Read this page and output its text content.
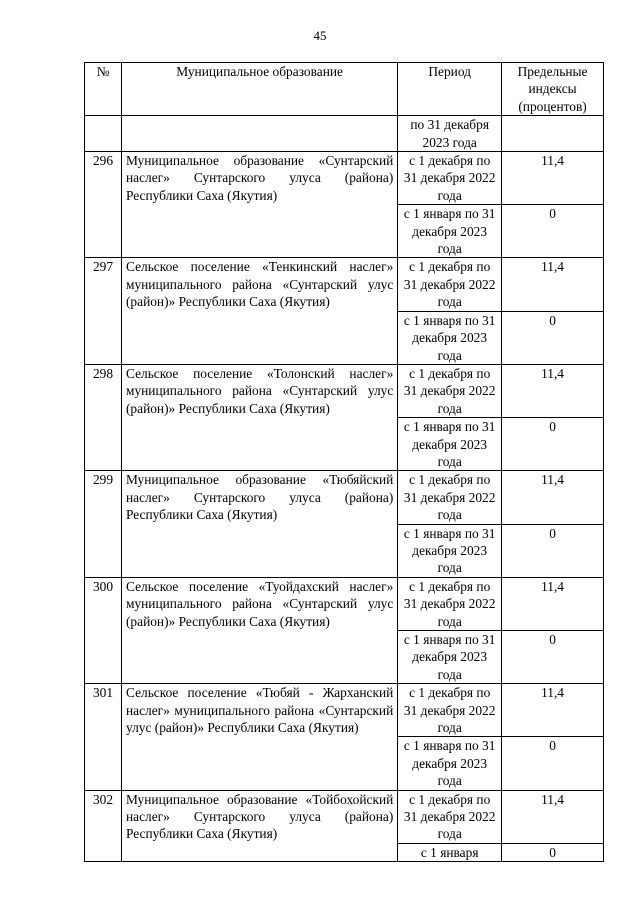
45
№	Муниципальное образование	Период	Предельные индексы (процентов)
		по 31 декабря 2023 года	
296	Муниципальное образование «Сунтарский наслег» Сунтарского улуса (района) Республики Саха (Якутия)	с 1 декабря по 31 декабря 2022 года	11,4
		с 1 января по 31 декабря 2023 года	0
297	Сельское поселение «Тенкинский наслег» муниципального района «Сунтарский улус (район)» Республики Саха (Якутия)	с 1 декабря по 31 декабря 2022 года	11,4
		с 1 января по 31 декабря 2023 года	0
298	Сельское поселение «Толонский наслег» муниципального района «Сунтарский улус (район)» Республики Саха (Якутия)	с 1 декабря по 31 декабря 2022 года	11,4
		с 1 января по 31 декабря 2023 года	0
299	Муниципальное образование «Тюбяйский наслег» Сунтарского улуса (района) Республики Саха (Якутия)	с 1 декабря по 31 декабря 2022 года	11,4
		с 1 января по 31 декабря 2023 года	0
300	Сельское поселение «Туойдахский наслег» муниципального района «Сунтарский улус (район)» Республики Саха (Якутия)	с 1 декабря по 31 декабря 2022 года	11,4
		с 1 января по 31 декабря 2023 года	0
301	Сельское поселение «Тюбяй - Жарханский наслег» муниципального района «Сунтарский улус (район)» Республики Саха (Якутия)	с 1 декабря по 31 декабря 2022 года	11,4
		с 1 января по 31 декабря 2023 года	0
302	Муниципальное образование «Тойбохойский наслег» Сунтарского улуса (района) Республики Саха (Якутия)	с 1 декабря по 31 декабря 2022 года	11,4
		с 1 января	0
